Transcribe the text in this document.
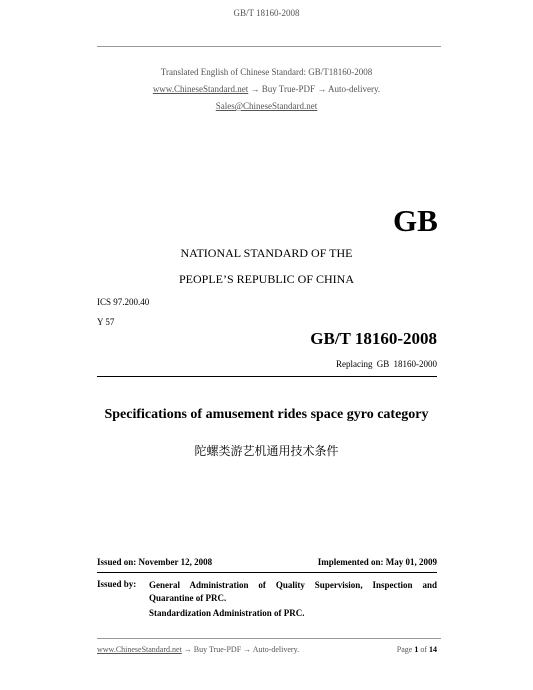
GB/T 18160-2008
Translated English of Chinese Standard: GB/T18160-2008
www.ChineseStandard.net → Buy True-PDF → Auto-delivery.
Sales@ChineseStandard.net
GB
NATIONAL STANDARD OF THE
PEOPLE’S REPUBLIC OF CHINA
ICS 97.200.40
Y 57
GB/T 18160-2008
Replacing GB 18160-2000
Specifications of amusement rides space gyro category
陀螺类游艺机通用技术条件
Issued on: November 12, 2008	Implemented on: May 01, 2009
Issued by: General Administration of Quality Supervision, Inspection and Quarantine of PRC.
Standardization Administration of PRC.
www.ChineseStandard.net → Buy True-PDF → Auto-delivery.	Page 1 of 14
